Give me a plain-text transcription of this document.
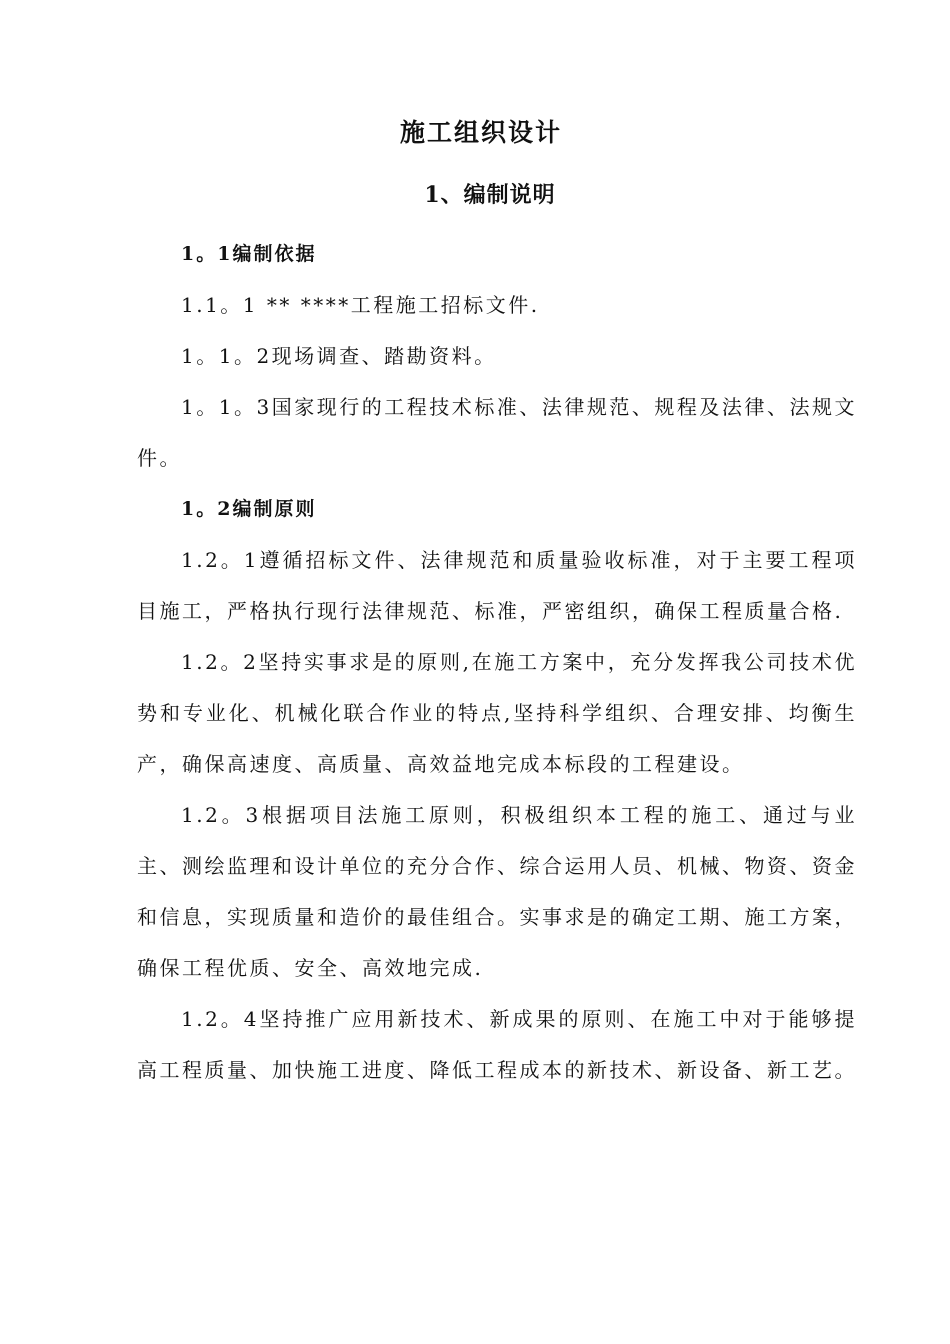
施工组织设计
1、编制说明

1。1编制依据

1.1。1 ** ****工程施工招标文件.

1。1。2现场调查、踏勘资料。

1。1。3国家现行的工程技术标准、法律规范、规程及法律、法规文件。

1。2编制原则

1.2。1遵循招标文件、法律规范和质量验收标准，对于主要工程项目施工，严格执行现行法律规范、标准，严密组织，确保工程质量合格.

1.2。2坚持实事求是的原则,在施工方案中，充分发挥我公司技术优势和专业化、机械化联合作业的特点,坚持科学组织、合理安排、均衡生产，确保高速度、高质量、高效益地完成本标段的工程建设。

1.2。3根据项目法施工原则，积极组织本工程的施工、通过与业主、测绘监理和设计单位的充分合作、综合运用人员、机械、物资、资金和信息，实现质量和造价的最佳组合。实事求是的确定工期、施工方案，确保工程优质、安全、高效地完成.

1.2。4坚持推广应用新技术、新成果的原则、在施工中对于能够提高工程质量、加快施工进度、降低工程成本的新技术、新设备、新工艺。
